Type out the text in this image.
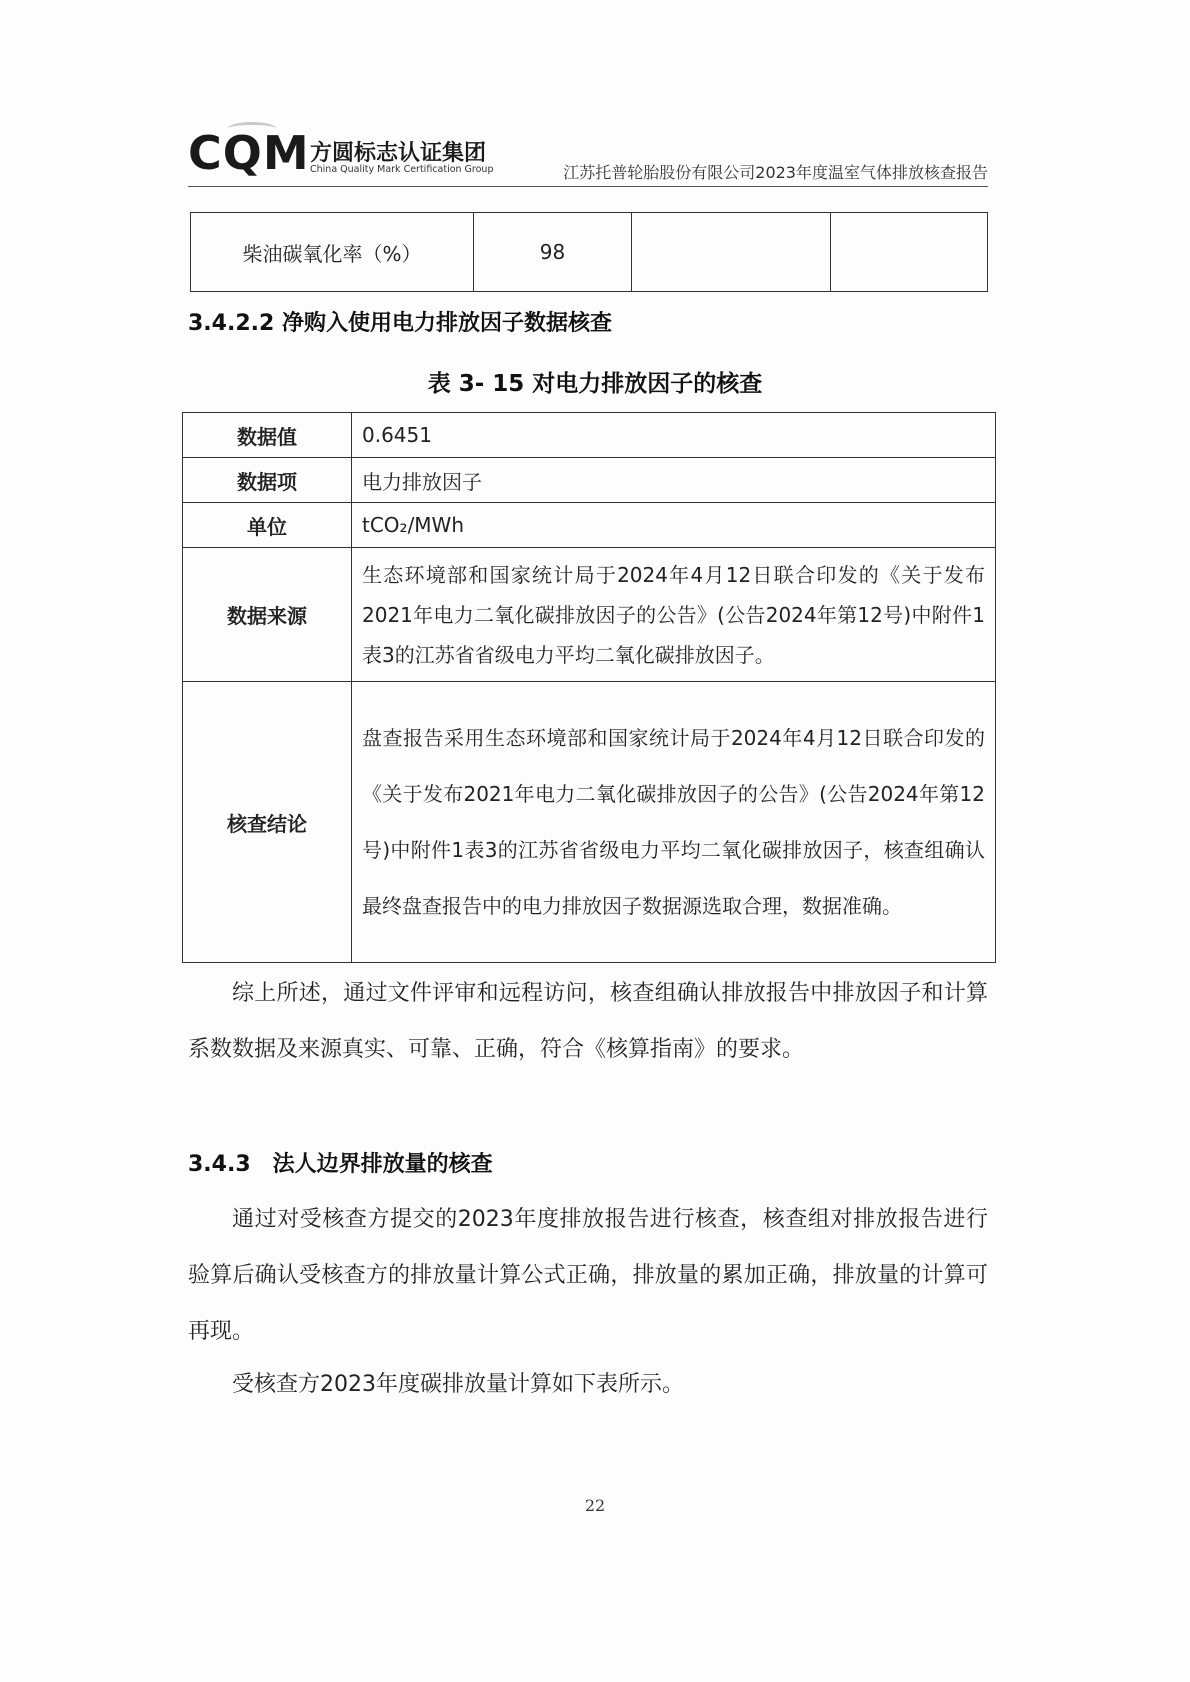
CQM 方圆标志认证集团
China Quality Mark Certification Group	江苏托普轮胎股份有限公司2023年度温室气体排放核查报告
柴油碳氧化率（%）	98		
3.4.2.2 净购入使用电力排放因子数据核查
表 3- 15 对电力排放因子的核查
数据值	0.6451
数据项	电力排放因子
单位	tCO₂/MWh
数据来源	生态环境部和国家统计局于2024年4月12日联合印发的《关于发布2021年电力二氧化碳排放因子的公告》(公告2024年第12号)中附件1表3的江苏省省级电力平均二氧化碳排放因子。
核查结论	盘查报告采用生态环境部和国家统计局于2024年4月12日联合印发的《关于发布2021年电力二氧化碳排放因子的公告》(公告2024年第12号)中附件1表3的江苏省省级电力平均二氧化碳排放因子，核查组确认最终盘查报告中的电力排放因子数据源选取合理，数据准确。
综上所述，通过文件评审和远程访问，核查组确认排放报告中排放因子和计算系数数据及来源真实、可靠、正确，符合《核算指南》的要求。
3.4.3　法人边界排放量的核查
通过对受核查方提交的2023年度排放报告进行核查，核查组对排放报告进行验算后确认受核查方的排放量计算公式正确，排放量的累加正确，排放量的计算可再现。
受核查方2023年度碳排放量计算如下表所示。
22
